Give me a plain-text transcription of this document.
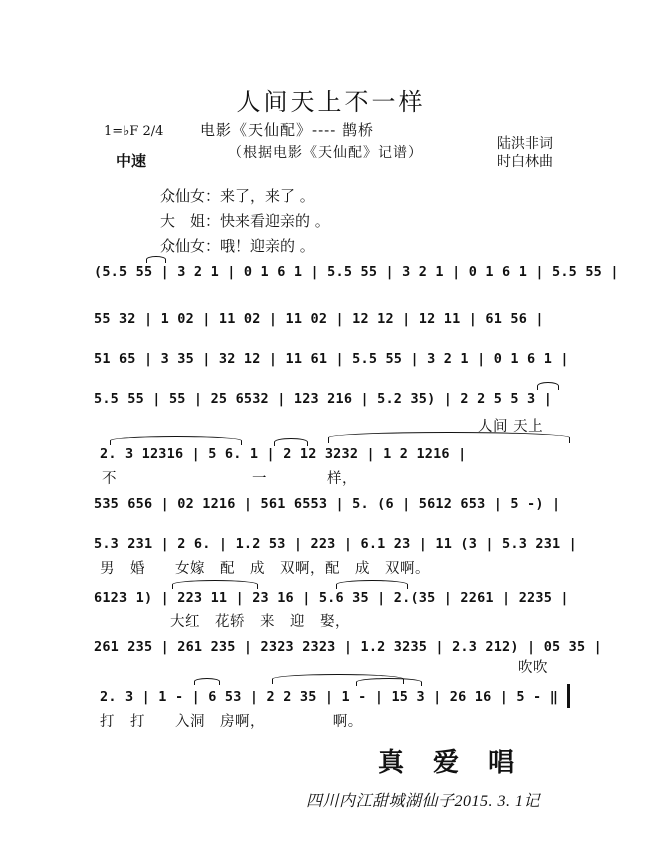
人间天上不一样
电影《天仙配》---- 鹊桥
（根据电影《天仙配》记谱）
1=♭F 2/4
中速
陆洪非词
时白林曲
众仙女：来了，来了 。
大　姐：快来看迎亲的 。
众仙女：哦！迎亲的 。
(5.5 55 | 3 2 1 | 0 1 6 1 | 5.5 55 | 3 2 1 | 0 1 6 1 | 5.5 55 |
55 32 | 1 02 | 11 02 | 11 02 | 12 12 | 12 11 | 61 56 |
51 65 | 3 35 | 32 12 | 11 61 | 5.5 55 | 3 2 1 | 0 1 6 1 |
5.5 55 | 55 | 25 6532 | 123 216 | 5.2 35) | 2 2 5 5 3 |
人间 天上
2. 3 12316 | 5 6. 1 | 2 12 3232 | 1 2 1216 |
不　　　　　　　　　一　　　　样，
535 656 | 02 1216 | 561 6553 | 5. (6 | 5612 653 | 5 -) |
5.3 231 | 2 6. | 1.2 53 | 223 | 6.1 23 | 11 (3 | 5.3 231 |
男　婚　　女嫁　配　成　双啊，配　成　双啊。
6123 1) | 223 11 | 23 16 | 5.6 35 | 2.(35 | 2261 | 2235 |
大红　花轿　来　迎　娶，
261 235 | 261 235 | 2323 2323 | 1.2 3235 | 2.3 212) | 05 35 |
吹吹
2. 3 | 1 - | 6 53 | 2 2 35 | 1 - | 15 3 | 26 16 | 5 - ‖
打　打　　入洞　房啊，　　　　　啊。
真 爱 唱
四川内江甜城湖仙子2015. 3. 1记
